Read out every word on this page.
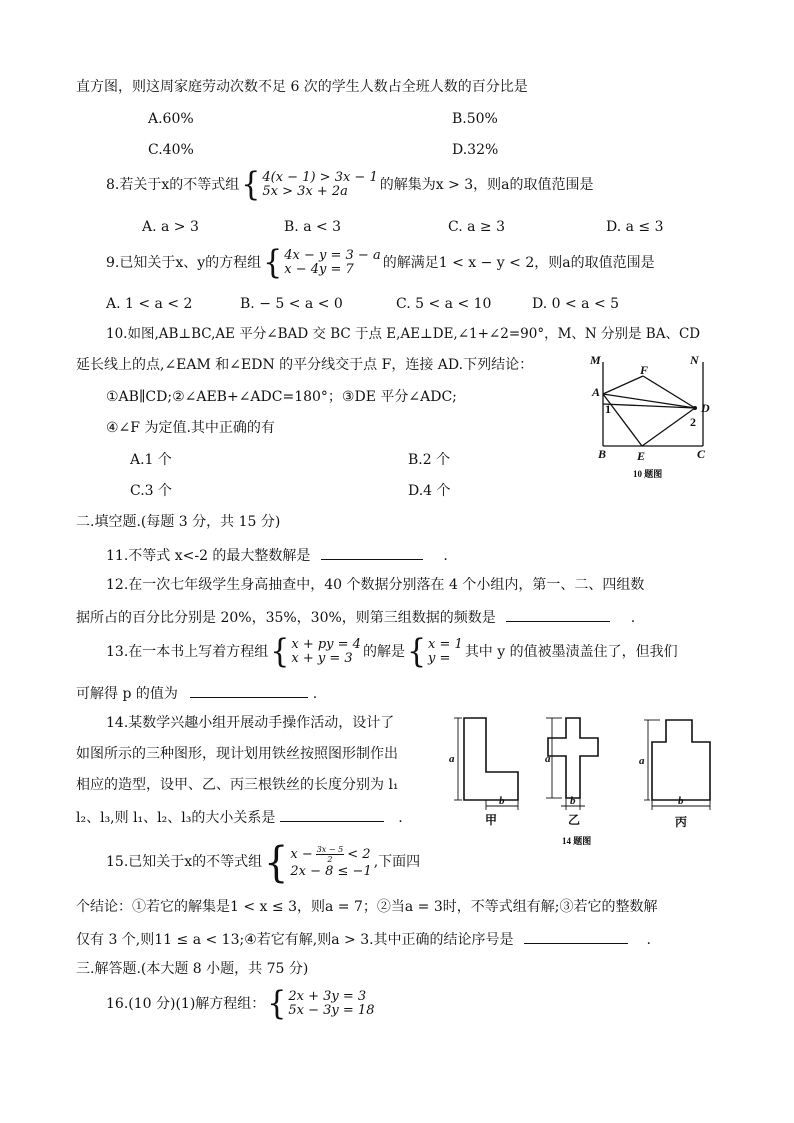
直方图，则这周家庭劳动次数不足 6 次的学生人数占全班人数的百分比是
A.60%	B.50%
C.40%	D.32%
8.若关于x的不等式组 { 4(x − 1) > 3x − 1
5x > 3x + 2a	的解集为x > 3，则a的取值范围是
A. a > 3	B. a < 3	C. a ≥ 3	D. a ≤ 3
9.已知关于x、y的方程组 { 4x − y = 3 − a
x − 4y = 7	的解满足1 < x − y < 2，则a的取值范围是
A. 1 < a < 2	B. − 5 < a < 0	C. 5 < a < 10	D. 0 < a < 5
10.如图,AB⊥BC,AE 平分∠BAD 交 BC 于点 E,AE⊥DE,∠1+∠2=90°，M、N 分别是 BA、CD
延长线上的点,∠EAM 和∠EDN 的平分线交于点 F，连接 AD.下列结论：
①AB∥CD;②∠AEB+∠ADC=180°；③DE 平分∠ADC;
④∠F 为定值.其中正确的有
A.1 个	B.2 个
C.3 个	D.4 个
M	N
F
A
D
B	E	C
1
2
10 题图
二.填空题.(每题 3 分，共 15 分)
11.不等式 x<-2 的最大整数解是	.
12.在一次七年级学生身高抽查中，40 个数据分别落在 4 个小组内，第一、二、四组数
据所占的百分比分别是 20%，35%，30%，则第三组数据的频数是	.
13.在一本书上写着方程组 { x + py = 4
x + y = 3 的解是 { x = 1
y =	其中 y 的值被墨渍盖住了，但我们
可解得 p 的值为	.
14.某数学兴趣小组开展动手操作活动，设计了
如图所示的三种图形，现计划用铁丝按照图形制作出
相应的造型，设甲、乙、丙三根铁丝的长度分别为 l₁
l₂、l₃,则 l₁、l₂、l₃的大小关系是	.
a
b
a
b
a
b
甲	乙	丙
14 题图
15.已知关于x的不等式组 { $x - \frac{3x - 5}{2} < 2$
2x − 8 ≤ −1
,下面四
个结论：①若它的解集是1 < x ≤ 3，则a = 7；②当a = 3时，不等式组有解;③若它的整数解
仅有 3 个,则11 ≤ a < 13;④若它有解,则a > 3.其中正确的结论序号是	.
三.解答题.(本大题 8 小题，共 75 分)
16.(10 分)(1)解方程组： { 2x + 3y = 3
5x − 3y = 18
